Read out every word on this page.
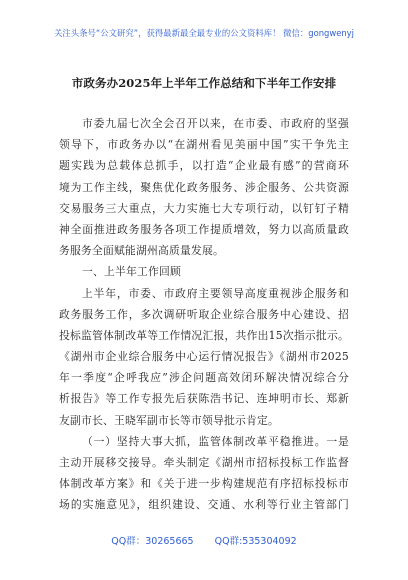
关注头条号“公文研究”，获得最新最全最专业的公文资料库！ 微信：gongwenyj
市政务办2025年上半年工作总结和下半年工作安排
市委九届七次全会召开以来，在市委、市政府的坚强
领导下，市政务办以“在湖州看见美丽中国”实干争先主
题实践为总载体总抓手，以打造“企业最有感”的营商环
境为工作主线，聚焦优化政务服务、涉企服务、公共资源
交易服务三大重点，大力实施七大专项行动，以钉钉子精
神全面推进政务服务各项工作提质增效，努力以高质量政
务服务全面赋能湖州高质量发展。
一、上半年工作回顾
上半年，市委、市政府主要领导高度重视涉企服务和
政务服务工作，多次调研听取企业综合服务中心建设、招
投标监管体制改革等工作情况汇报，共作出15次指示批示。
《湖州市企业综合服务中心运行情况报告》《湖州市2025
年一季度“企呼我应”涉企问题高效闭环解决情况综合分
析报告》等工作专报先后获陈浩书记、连坤明市长、郑新
友副市长、王晓军副市长等市领导批示肯定。
（一）坚持大事大抓，监管体制改革平稳推进。一是
主动开展移交接导。牵头制定《湖州市招标投标工作监督
体制改革方案》和《关于进一步构建规范有序招标投标市
场的实施意见》，组织建设、交通、水利等行业主管部门
QQ群：30265665 QQ群:535304092
